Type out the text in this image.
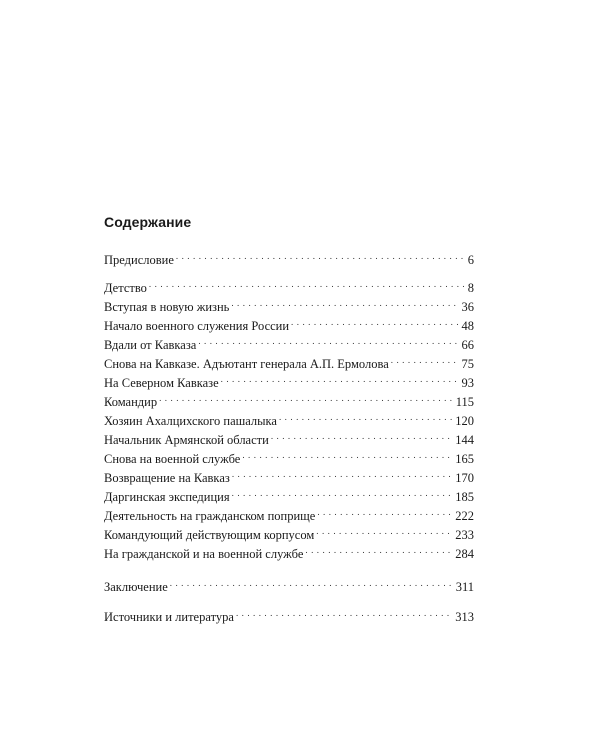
Содержание
Предисловие . . .	6
Детство . . .	8
Вступая в новую жизнь . . .	36
Начало военного служения России . . .	48
Вдали от Кавказа . . .	66
Снова на Кавказе. Адъютант генерала А.П. Ермолова . . .	75
На Северном Кавказе . . .	93
Командир . . .	115
Хозяин Ахалцихского пашалыка . . .	120
Начальник Армянской области . . .	144
Снова на военной службе . . .	165
Возвращение на Кавказ . . .	170
Даргинская экспедиция . . .	185
Деятельность на гражданском поприще . . .	222
Командующий действующим корпусом . . .	233
На гражданской и на военной службе . . .	284
Заключение . . .	311
Источники и литература . . .	313
